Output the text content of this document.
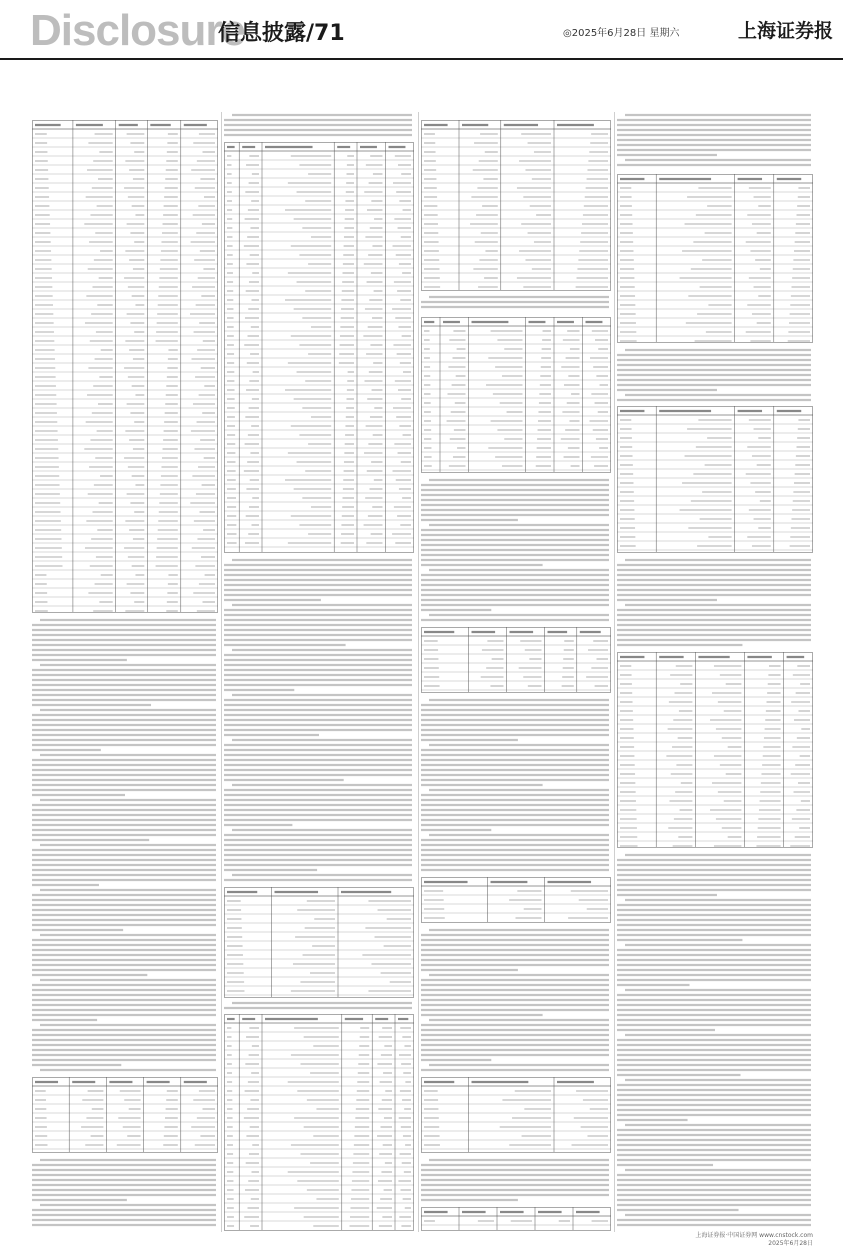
Disclosure
信息披露/71	◎2025年6月28日 星期六	上海证券报
上海证券报·中国证券网 www.cnstock.com
2025年6月28日
